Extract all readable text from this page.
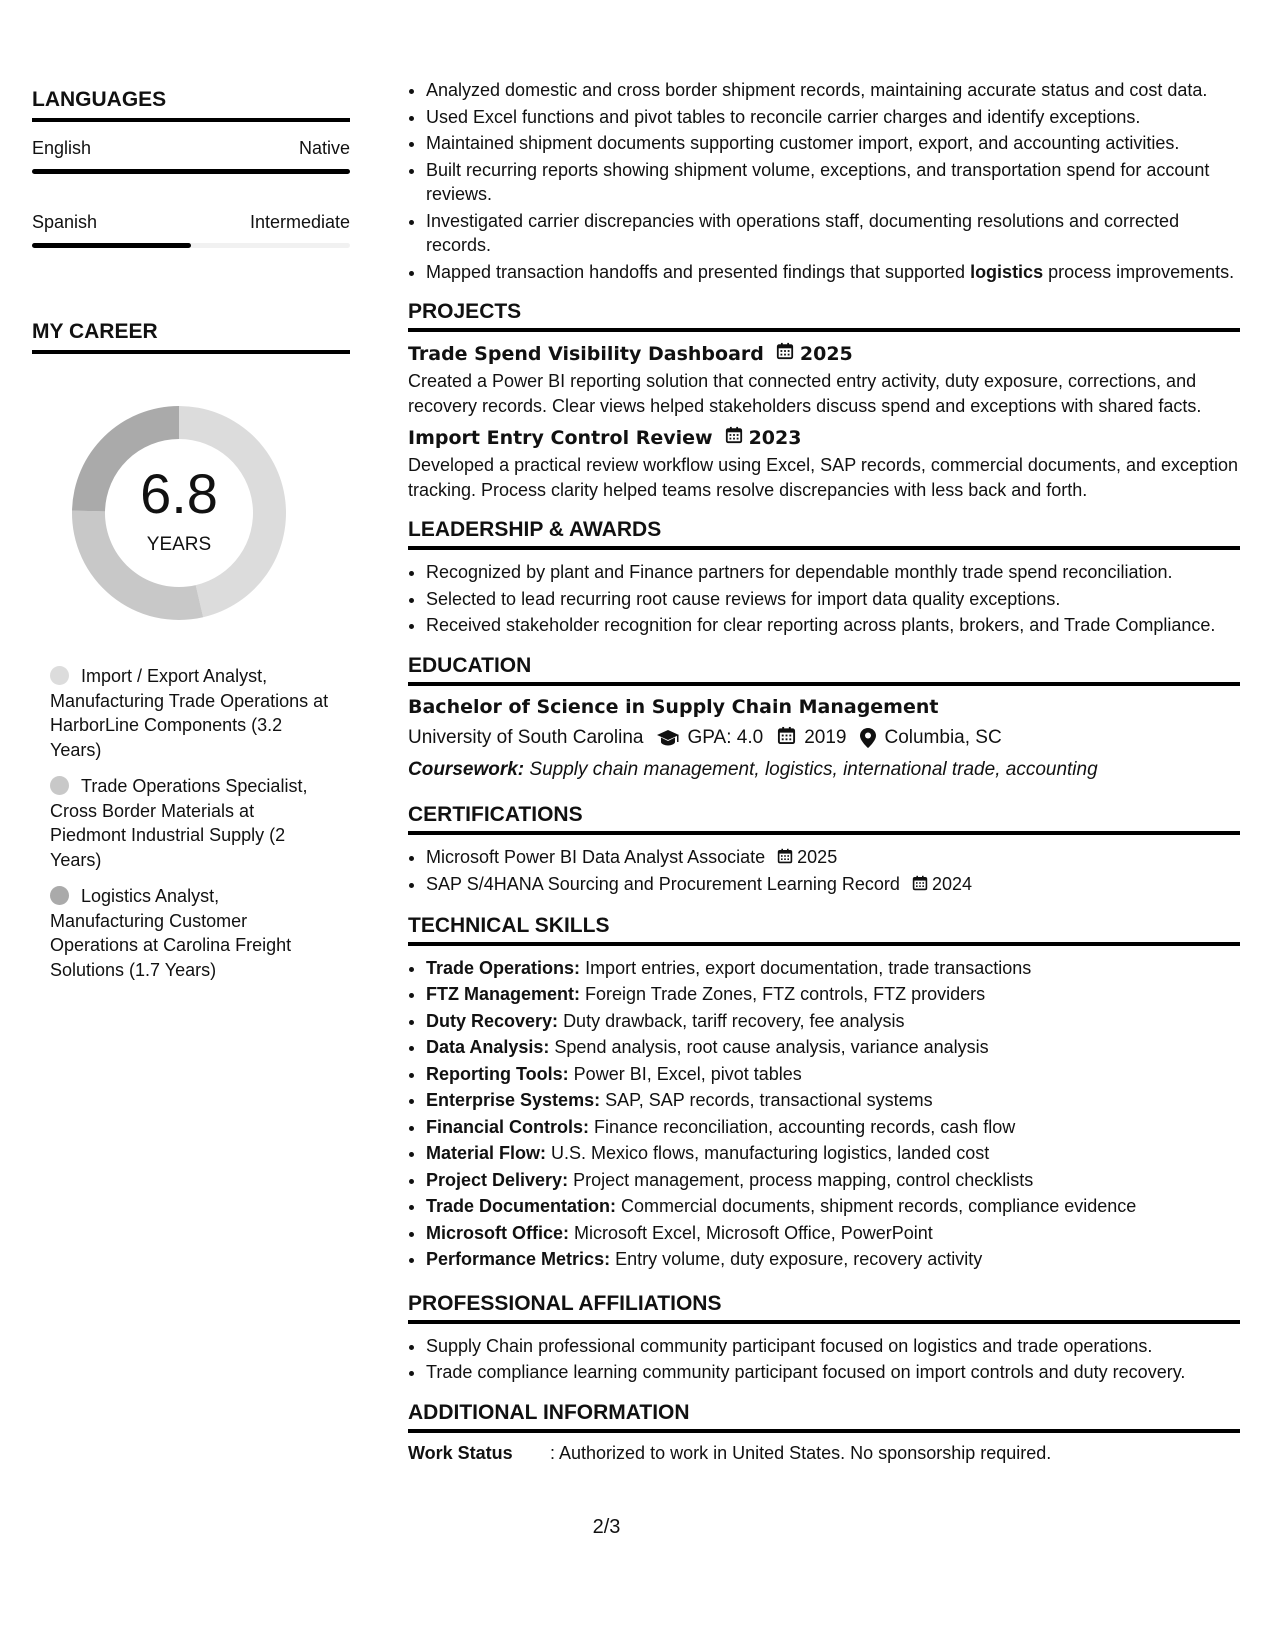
LANGUAGES
English	Native
Spanish	Intermediate
MY CAREER
6.8
YEARS
Import / Export Analyst, Manufacturing Trade Operations at HarborLine Components (3.2 Years)
Trade Operations Specialist, Cross Border Materials at Piedmont Industrial Supply (2 Years)
Logistics Analyst, Manufacturing Customer Operations at Carolina Freight Solutions (1.7 Years)
• Analyzed domestic and cross border shipment records, maintaining accurate status and cost data.
• Used Excel functions and pivot tables to reconcile carrier charges and identify exceptions.
• Maintained shipment documents supporting customer import, export, and accounting activities.
• Built recurring reports showing shipment volume, exceptions, and transportation spend for account reviews.
• Investigated carrier discrepancies with operations staff, documenting resolutions and corrected records.
• Mapped transaction handoffs and presented findings that supported logistics process improvements.
PROJECTS
Trade Spend Visibility Dashboard 2025
Created a Power BI reporting solution that connected entry activity, duty exposure, corrections, and recovery records. Clear views helped stakeholders discuss spend and exceptions with shared facts.
Import Entry Control Review 2023
Developed a practical review workflow using Excel, SAP records, commercial documents, and exception tracking. Process clarity helped teams resolve discrepancies with less back and forth.
LEADERSHIP & AWARDS
• Recognized by plant and Finance partners for dependable monthly trade spend reconciliation.
• Selected to lead recurring root cause reviews for import data quality exceptions.
• Received stakeholder recognition for clear reporting across plants, brokers, and Trade Compliance.
EDUCATION
Bachelor of Science in Supply Chain Management
University of South Carolina GPA: 4.0 2019 Columbia, SC
Coursework: Supply chain management, logistics, international trade, accounting
CERTIFICATIONS
• Microsoft Power BI Data Analyst Associate 2025
• SAP S/4HANA Sourcing and Procurement Learning Record 2024
TECHNICAL SKILLS
• Trade Operations: Import entries, export documentation, trade transactions
• FTZ Management: Foreign Trade Zones, FTZ controls, FTZ providers
• Duty Recovery: Duty drawback, tariff recovery, fee analysis
• Data Analysis: Spend analysis, root cause analysis, variance analysis
• Reporting Tools: Power BI, Excel, pivot tables
• Enterprise Systems: SAP, SAP records, transactional systems
• Financial Controls: Finance reconciliation, accounting records, cash flow
• Material Flow: U.S. Mexico flows, manufacturing logistics, landed cost
• Project Delivery: Project management, process mapping, control checklists
• Trade Documentation: Commercial documents, shipment records, compliance evidence
• Microsoft Office: Microsoft Excel, Microsoft Office, PowerPoint
• Performance Metrics: Entry volume, duty exposure, recovery activity
PROFESSIONAL AFFILIATIONS
• Supply Chain professional community participant focused on logistics and trade operations.
• Trade compliance learning community participant focused on import controls and duty recovery.
ADDITIONAL INFORMATION
Work Status	: Authorized to work in United States. No sponsorship required.
2/3
